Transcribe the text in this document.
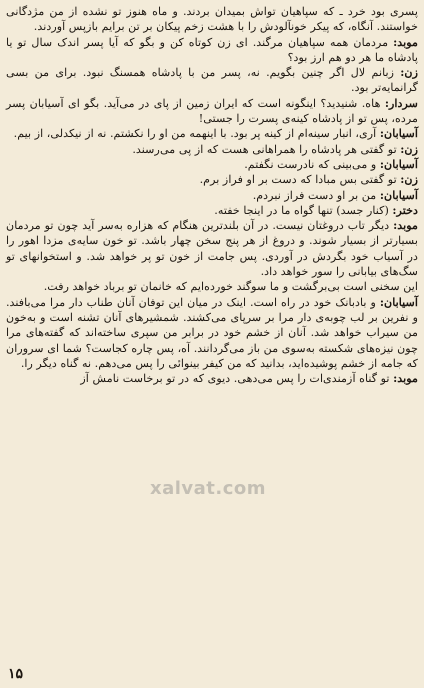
پسری بود خرد ـ که سپاهیان تواش بمیدان بردند. و ماه هنوز تو نشده از من مژدگانی خواستند. آنگاه، که پیکر خونآلودش را با هشت زخم پیکان بر تن برایم بازپس آوردند.

موبد: مردمان همه سپاهیان مرگند. ای زن کوتاه کن و بگو که آیا پسر اندک سال تو یا پادشاه ما هر دو هم ارز بود؟

زن: زبانم لال اگر چنین بگویم. نه، پسر من با پادشاه همسنگ نبود. برای من بسی گرانمایه‌تر بود.

سردار: هاه. شنیدید؟ اینگونه است که ایران زمین از پای در می‌آید. بگو ای آسیابان پسر مرده، پس تو از پادشاه کینه‌ی پسرت را جستی!

آسیابان: آری، انبار سینه‌ام از کینه پر بود. با اینهمه من او را نکشتم. نه از نیکدلی، از بیم.

زن: تو گفتی هر پادشاه را همراهانی هست که از پی می‌رسند.

آسیابان: و می‌بینی که نادرست نگفتم.

زن: تو گفتی بس مبادا که دست بر او فراز برم.

آسیابان: من بر او دست فراز نبردم.

دختر: (کنار جسد) تنها گواه ما در اینجا خفته.

موبد: دیگر تاب دروغتان نیست. در آن بلندترین هنگام که هزاره به‌سر آید چون تو مردمان بسیارتر از بسیار شوند. و دروغ از هر پنج سخن چهار باشد. تو خون سایه‌ی مزدا اهور را در آسیاب خود بگردش در آوردی. پس جامت از خون تو پر خواهد شد. و استخوانهای تو سگ‌های بیابانی را سور خواهد داد.

این سخنی است بی‌برگشت و ما سوگند خورده‌ایم که خانمان تو برباد خواهد رفت.

آسیابان: و بادبانک خود در راه است. اینک در میان این توفان آنان طناب دار مرا می‌بافند. و نفرین بر لب چوبه‌ی دار مرا بر سرپای می‌کشند. شمشیرهای آنان تشنه است و به‌خون من سیراب خواهد شد. آنان از خشم خود در برابر من سپری ساخته‌اند که گفته‌های مرا چون نیزه‌های شکسته به‌سوی من باز می‌گردانند. آه، پس چاره کجاست؟ شما ای سروران که جامه از خشم پوشیده‌اید، بدانید که من کیفر بینوائی را پس می‌دهم. نه گناه دیگر را.

موبد: تو گناه آزمندی‌ات را پس می‌دهی. دیوی که در تو برخاست نامش آز

xalvat.com
۱۵
